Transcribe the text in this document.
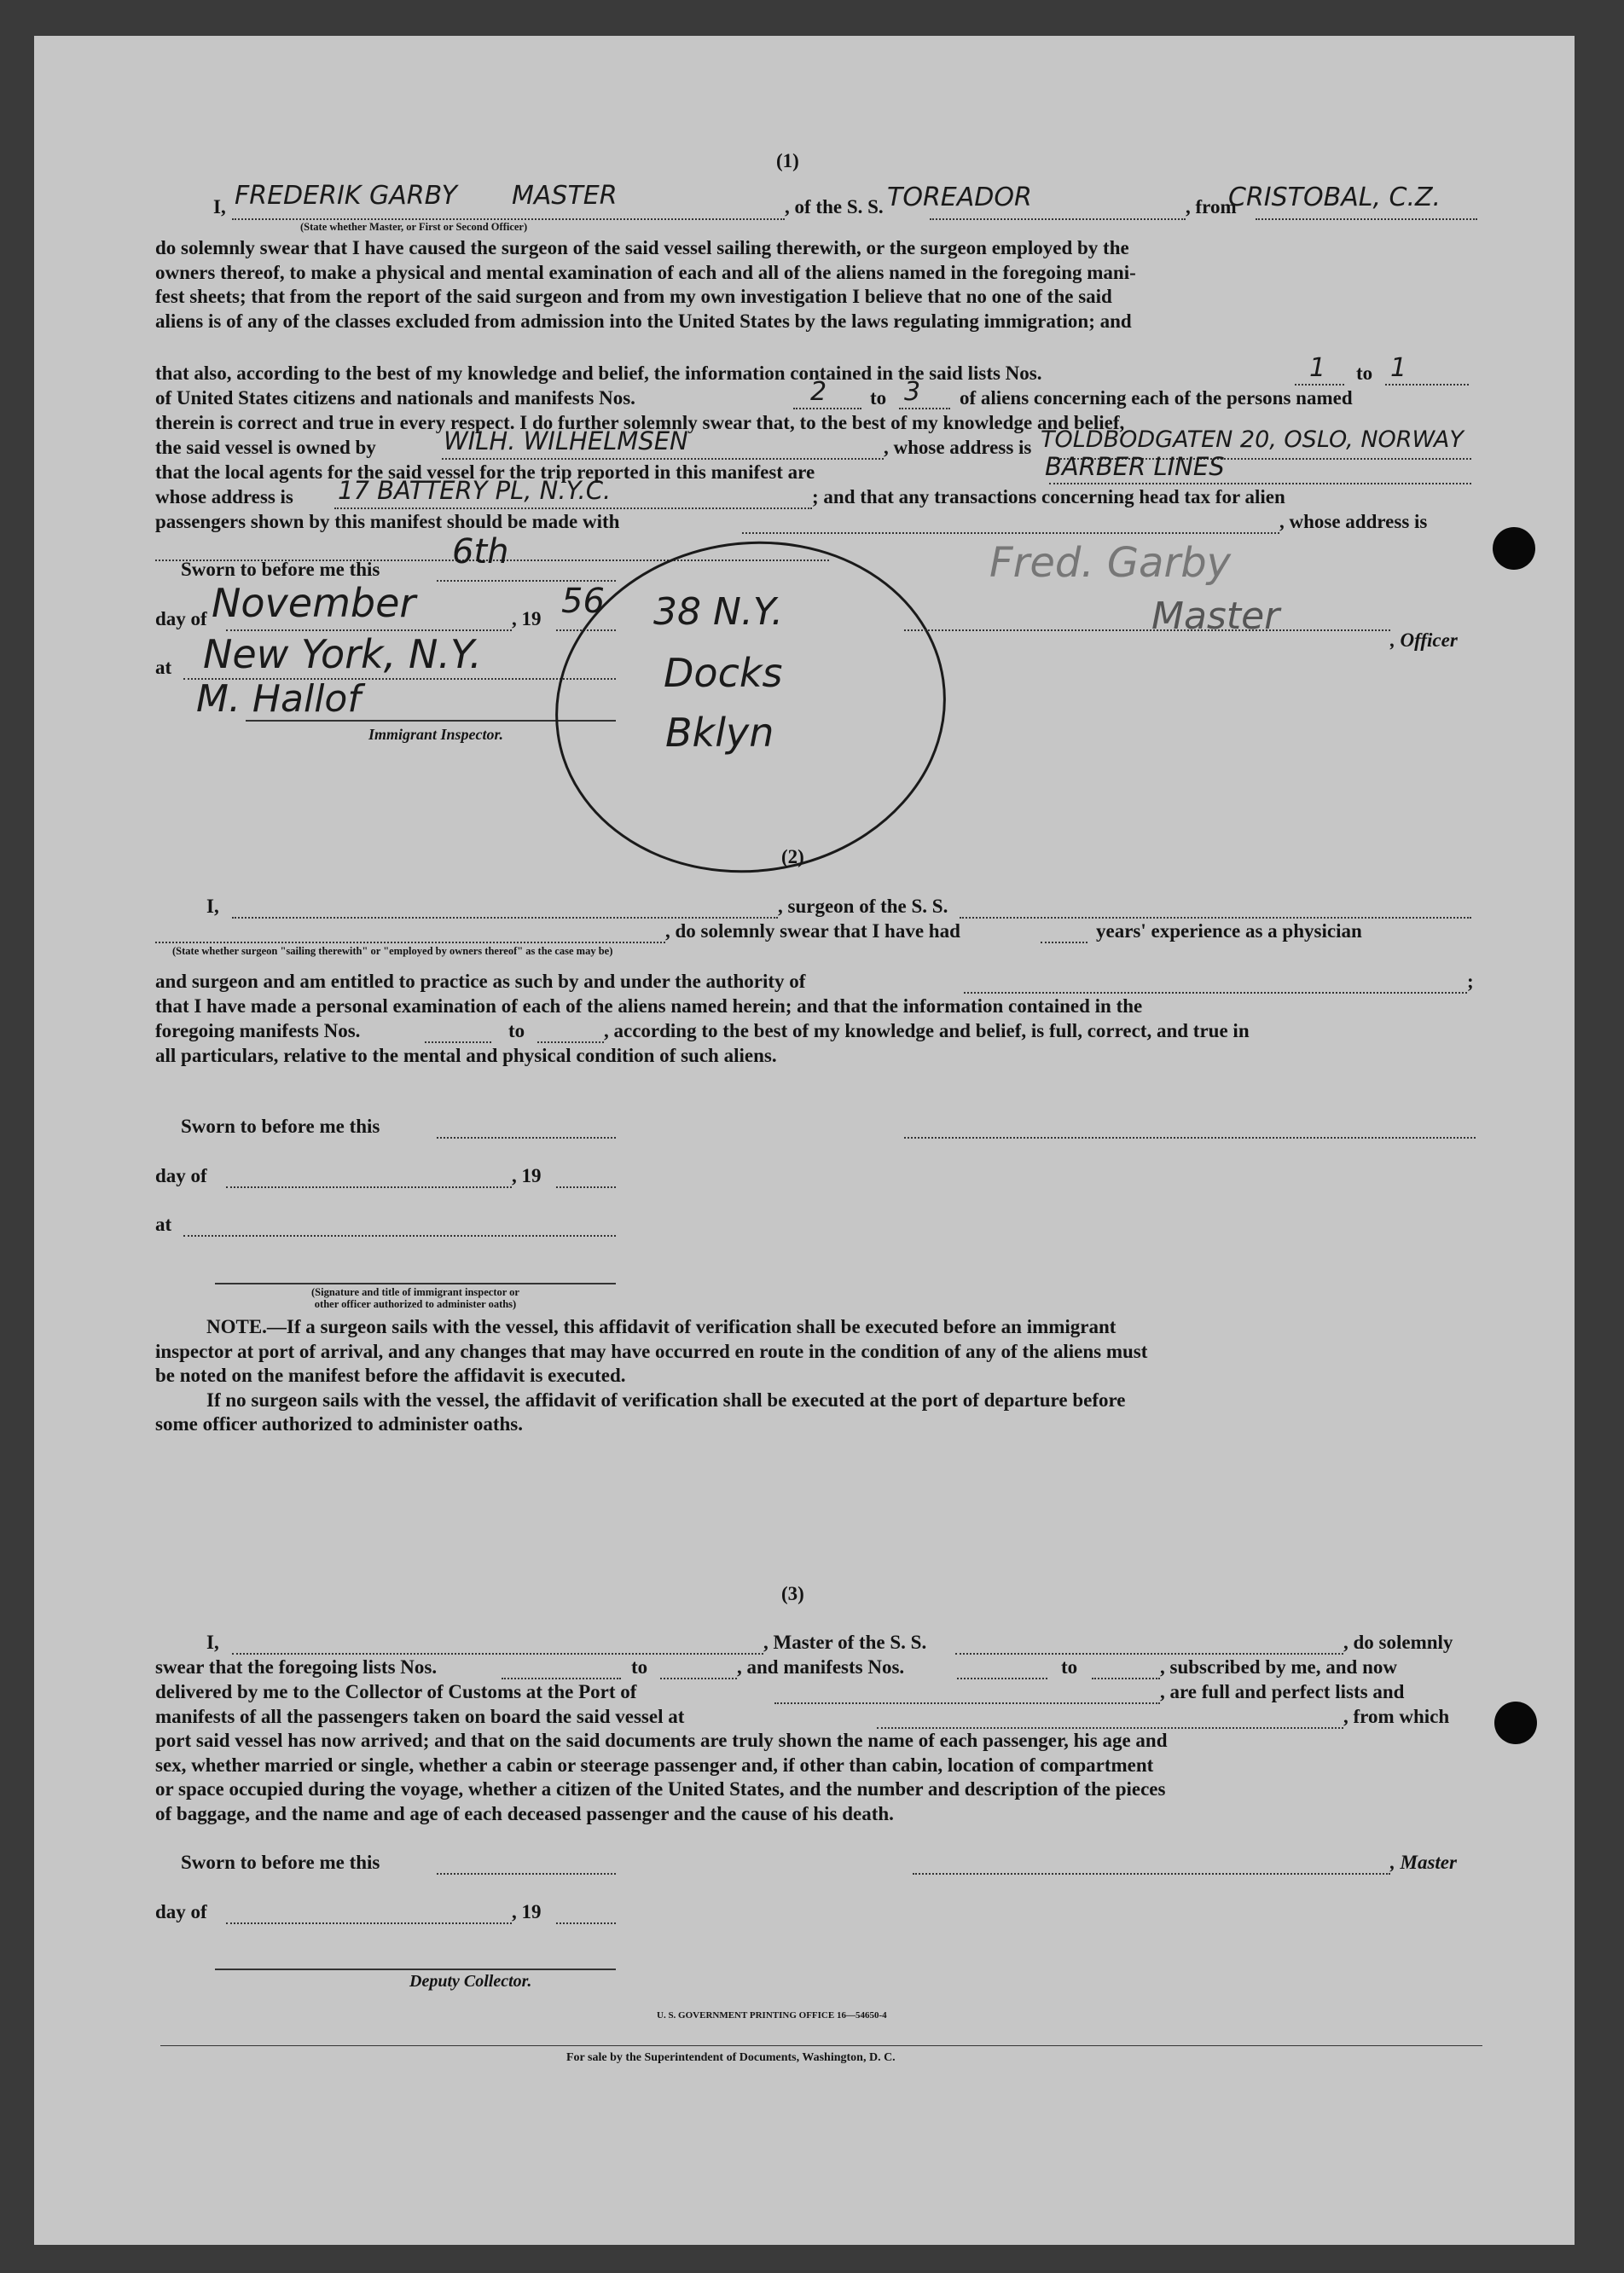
(1)
I, FREDERIK GARBY MASTER
(State whether Master, or First or Second Officer)
, of the S. S. TOREADOR	, from
CRISTOBAL, C.Z.
do solemnly swear that I have caused the surgeon of the said vessel sailing therewith, or the surgeon employed by the
owners thereof, to make a physical and mental examination of each and all of the aliens named in the foregoing mani-
fest sheets; that from the report of the said surgeon and from my own investigation I believe that no one of the said
aliens is of any of the classes excluded from admission into the United States by the laws regulating immigration; and
that also, according to the best of my knowledge and belief, the information contained in the said lists Nos.	1 to 1
of United States citizens and nationals and manifests Nos.	2 to 3 of aliens concerning each of the persons named
therein is correct and true in every respect. I do further solemnly swear that, to the best of my knowledge and belief,
the said vessel is owned by	WILH. WILHELMSEN	, whose address is TOLDBODGATEN 20, OSLO, NORWAY
that the local agents for the said vessel for the trip reported in this manifest are	BARBER LINES
whose address is 17 BATTERY PL, N.Y.C.	; and that any transactions concerning head tax for alien
passengers shown by this manifest should be made with	, whose address is
Sworn to before me this 6th
day of November	, 19 56
at New York, N.Y.
M. Hallof
Immigrant Inspector.
38 N.Y.
Docks
Bklyn
Fred. Garby
Master
, Officer
(2)
I,	, surgeon of the S. S.
, do solemnly swear that I have had	years' experience as a physician
(State whether surgeon "sailing therewith" or "employed by owners thereof" as the case may be)
and surgeon and am entitled to practice as such by and under the authority of	;
that I have made a personal examination of each of the aliens named herein; and that the information contained in the
foregoing manifests Nos.	to	, according to the best of my knowledge and belief, is full, correct, and true in
all particulars, relative to the mental and physical condition of such aliens.
Sworn to before me this
day of	, 19
at
(Signature and title of immigrant inspector or
other officer authorized to administer oaths)
NOTE.—If a surgeon sails with the vessel, this affidavit of verification shall be executed before an immigrant
inspector at port of arrival, and any changes that may have occurred en route in the condition of any of the aliens must
be noted on the manifest before the affidavit is executed.
If no surgeon sails with the vessel, the affidavit of verification shall be executed at the port of departure before
some officer authorized to administer oaths.
(3)
I,	, Master of the S. S.	, do solemnly
swear that the foregoing lists Nos.	to	, and manifests Nos.	to	, subscribed by me, and now
delivered by me to the Collector of Customs at the Port of	, are full and perfect lists and
manifests of all the passengers taken on board the said vessel at	, from which
port said vessel has now arrived; and that on the said documents are truly shown the name of each passenger, his age and
sex, whether married or single, whether a cabin or steerage passenger and, if other than cabin, location of compartment
or space occupied during the voyage, whether a citizen of the United States, and the number and description of the pieces
of baggage, and the name and age of each deceased passenger and the cause of his death.
Sworn to before me this	, Master
day of	, 19
Deputy Collector.
U. S. GOVERNMENT PRINTING OFFICE 16—54650-4
For sale by the Superintendent of Documents, Washington, D. C.
